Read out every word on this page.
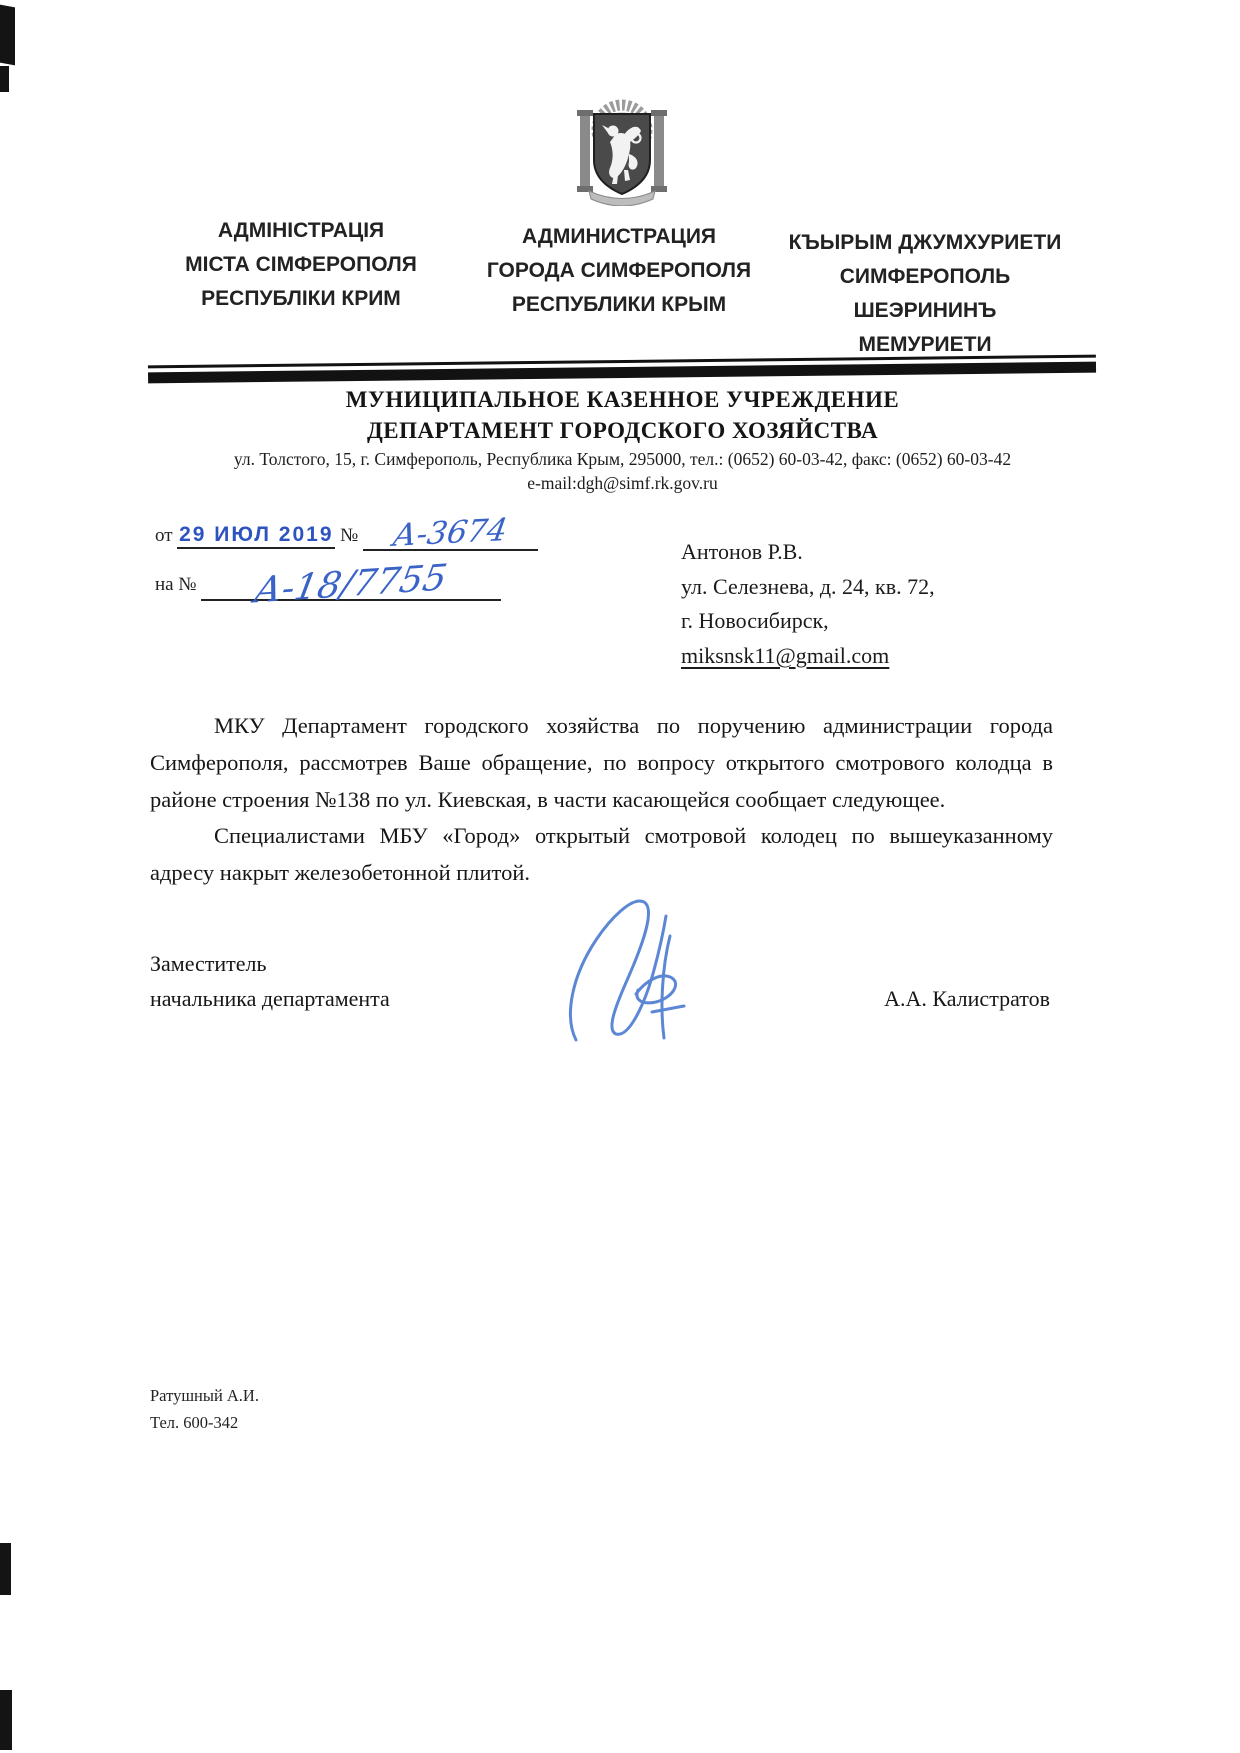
АДМІНІСТРАЦІЯ
МІСТА СІМФЕРОПОЛЯ
РЕСПУБЛІКИ КРИМ
АДМИНИСТРАЦИЯ
ГОРОДА СИМФЕРОПОЛЯ
РЕСПУБЛИКИ КРЫМ
КЪЫРЫМ ДЖУМХУРИЕТИ
СИМФЕРОПОЛЬ
ШЕЭРИНИНЪ
МЕМУРИЕТИ
МУНИЦИПАЛЬНОЕ КАЗЕННОЕ УЧРЕЖДЕНИЕ
ДЕПАРТАМЕНТ ГОРОДСКОГО ХОЗЯЙСТВА
ул. Толстого, 15, г. Симферополь, Республика Крым, 295000, тел.: (0652) 60-03-42, факс: (0652) 60-03-42
e-mail:dgh@simf.rk.gov.ru
от 29 ИЮЛ 2019 № А-3674
на № А-18/7755
Антонов Р.В.
ул. Селезнева, д. 24, кв. 72,
г. Новосибирск,
miksnsk11@gmail.com

МКУ Департамент городского хозяйства по поручению администрации города Симферополя, рассмотрев Ваше обращение, по вопросу открытого смотрового колодца в районе строения №138 по ул. Киевская, в части касающейся сообщает следующее.

Специалистами МБУ «Город» открытый смотровой колодец по вышеуказанному адресу накрыт железобетонной плитой.

Заместитель
начальника департамента	А.А. Калистратов
Ратушный А.И.
Тел. 600-342
